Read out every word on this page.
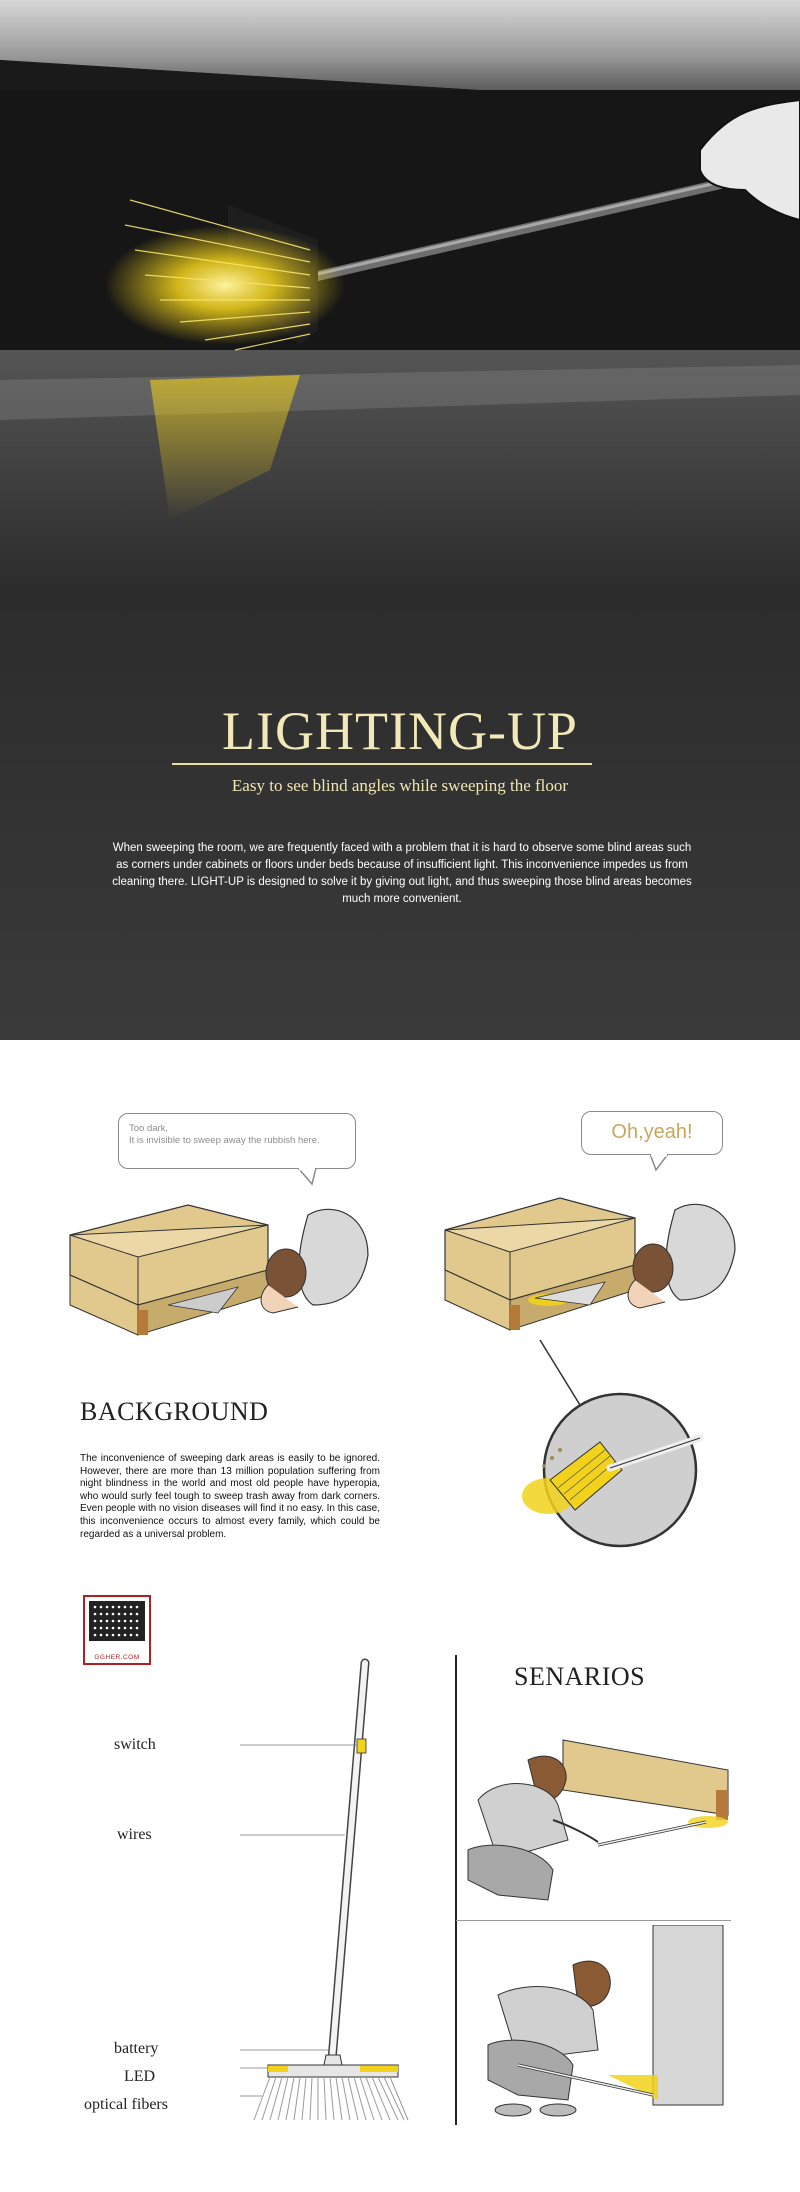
LIGHTING-UP
Easy to see blind angles while sweeping the floor

When sweeping the room, we are frequently faced with a problem that it is hard to observe some blind areas such as corners under cabinets or floors under beds because of insufficient light. This inconvenience impedes us from cleaning there. LIGHT-UP is designed to solve it by giving out light, and thus sweeping those blind areas becomes much more convenient.

Too dark,
It is invisible to sweep away the rubbish here.	Oh,yeah!
BACKGROUND

The inconvenience of sweeping dark areas is easily to be ignored. However, there are more than 13 million population suffering from night blindness in the world and most old people have hyperopia, who would surly feel tough to sweep trash away from dark corners. Even people with no vision diseases will find it no easy. In this case, this inconvenience occurs to almost every family, which could be regarded as a universal problem.

GGHER.COM
switch
wires
battery
LED
optical fibers
SENARIOS
